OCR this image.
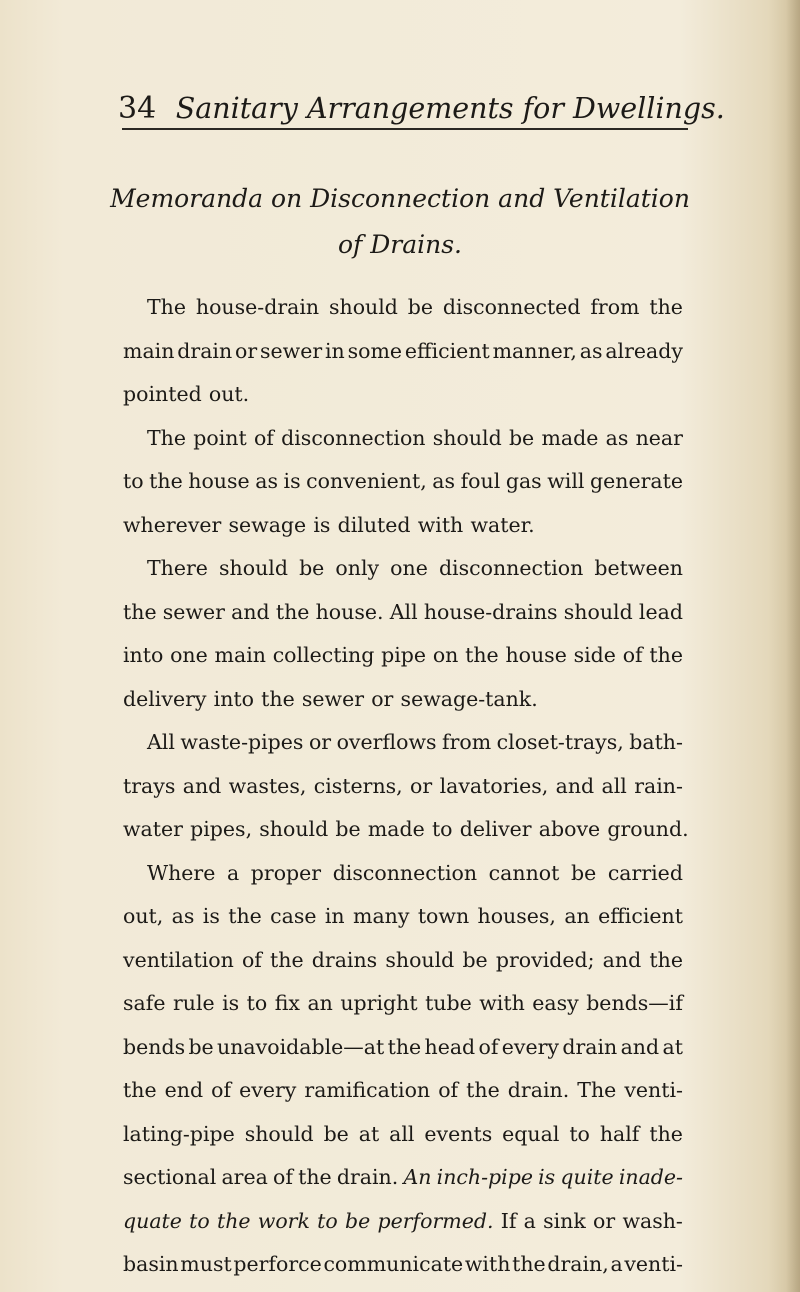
34 Sanitary Arrangements for Dwellings.
Memoranda on Disconnection and Ventilation
of Drains.
The house-drain should be disconnected from the
main drain or sewer in some efficient manner, as already
pointed out.
The point of disconnection should be made as near
to the house as is convenient, as foul gas will generate
wherever sewage is diluted with water.
There should be only one disconnection between
the sewer and the house. All house-drains should lead
into one main collecting pipe on the house side of the
delivery into the sewer or sewage-tank.
All waste-pipes or overflows from closet-trays, bath-
trays and wastes, cisterns, or lavatories, and all rain-
water pipes, should be made to deliver above ground.
Where a proper disconnection cannot be carried
out, as is the case in many town houses, an efficient
ventilation of the drains should be provided; and the
safe rule is to fix an upright tube with easy bends—if
bends be unavoidable—at the head of every drain and at
the end of every ramification of the drain. The venti-
lating-pipe should be at all events equal to half the
sectional area of the drain. An inch-pipe is quite inade-
quate to the work to be performed. If a sink or wash-
basin must perforce communicate with the drain, a venti-
